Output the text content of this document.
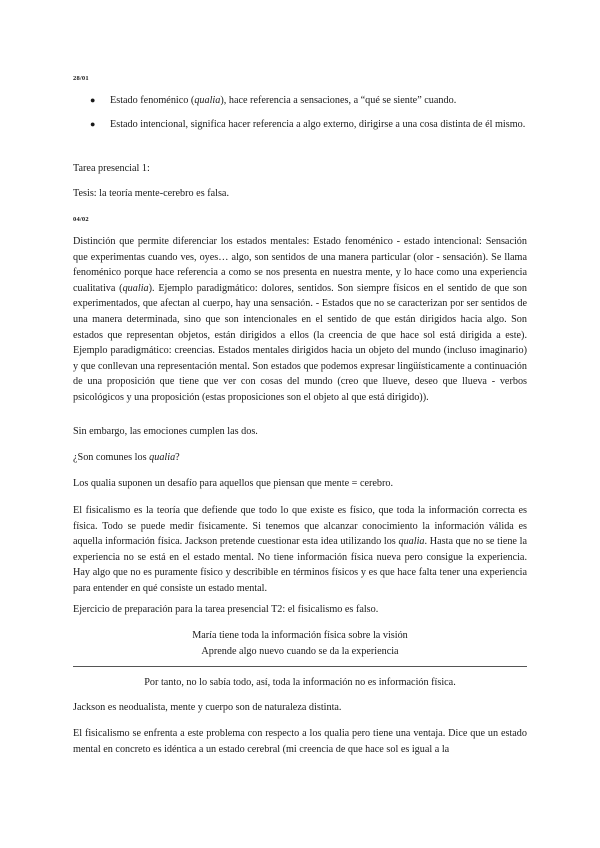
28/01
● Estado fenoménico (qualia), hace referencia a sensaciones, a “qué se siente” cuando.
● Estado intencional, significa hacer referencia a algo externo, dirigirse a una cosa distinta de él mismo.

Tarea presencial 1:

Tesis: la teoría mente-cerebro es falsa.

04/02

Distinción que permite diferenciar los estados mentales: Estado fenoménico - estado intencional: Sensación que experimentas cuando ves, oyes… algo, son sentidos de una manera particular (olor - sensación). Se llama fenoménico porque hace referencia a como se nos presenta en nuestra mente, y lo hace como una experiencia cualitativa (qualia). Ejemplo paradigmático: dolores, sentidos. Son siempre físicos en el sentido de que son experimentados, que afectan al cuerpo, hay una sensación. - Estados que no se caracterizan por ser sentidos de una manera determinada, sino que son intencionales en el sentido de que están dirigidos hacia algo. Son estados que representan objetos, están dirigidos a ellos (la creencia de que hace sol está dirigida a este). Ejemplo paradigmático: creencias. Estados mentales dirigidos hacia un objeto del mundo (incluso imaginario) y que conllevan una representación mental. Son estados que podemos expresar lingüísticamente a continuación de una proposición que tiene que ver con cosas del mundo (creo que llueve, deseo que llueva - verbos psicológicos y una proposición (estas proposiciones son el objeto al que está dirigido)).

Sin embargo, las emociones cumplen las dos.

¿Son comunes los qualia?

Los qualia suponen un desafío para aquellos que piensan que mente = cerebro.

El fisicalismo es la teoría que defiende que todo lo que existe es físico, que toda la información correcta es física. Todo se puede medir físicamente. Si tenemos que alcanzar conocimiento la información válida es aquella información física. Jackson pretende cuestionar esta idea utilizando los qualia. Hasta que no se tiene la experiencia no se está en el estado mental. No tiene información física nueva pero consigue la experiencia. Hay algo que no es puramente físico y describible en términos físicos y es que hace falta tener una experiencia para entender en qué consiste un estado mental.

Ejercicio de preparación para la tarea presencial T2: el fisicalismo es falso.

María tiene toda la información física sobre la visión

Aprende algo nuevo cuando se da la experiencia

Por tanto, no lo sabía todo, así, toda la información no es información física.

Jackson es neodualista, mente y cuerpo son de naturaleza distinta.

El fisicalismo se enfrenta a este problema con respecto a los qualia pero tiene una ventaja. Dice que un estado mental en concreto es idéntica a un estado cerebral (mi creencia de que hace sol es igual a la
